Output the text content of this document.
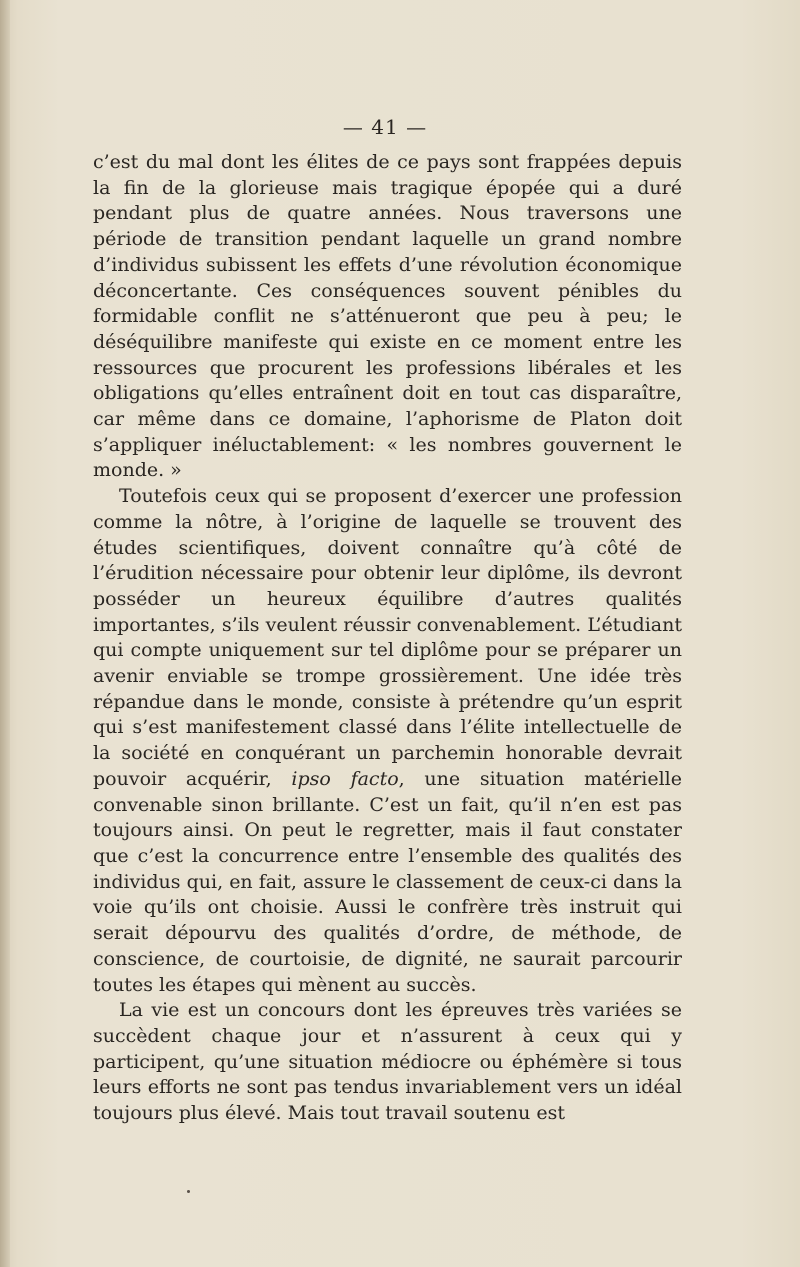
— 41 —

c’est du mal dont les élites de ce pays sont frappées depuis la fin de la glorieuse mais tragique épopée qui a duré pendant plus de quatre années. Nous traversons une période de transition pendant laquelle un grand nombre d’individus subissent les effets d’une révolution économique déconcertante. Ces conséquences souvent pénibles du formidable conflit ne s’atténueront que peu à peu; le déséquilibre manifeste qui existe en ce moment entre les ressources que procurent les professions libérales et les obligations qu’elles entraînent doit en tout cas disparaître, car même dans ce domaine, l’aphorisme de Platon doit s’appliquer inéluctablement: « les nombres gouvernent le monde. »

Toutefois ceux qui se proposent d’exercer une profession comme la nôtre, à l’origine de laquelle se trouvent des études scientifiques, doivent connaître qu’à côté de l’érudition nécessaire pour obtenir leur diplôme, ils devront posséder un heureux équilibre d’autres qualités importantes, s’ils veulent réussir convenablement. L’étudiant qui compte uniquement sur tel diplôme pour se préparer un avenir enviable se trompe grossièrement. Une idée très répandue dans le monde, consiste à prétendre qu’un esprit qui s’est manifestement classé dans l’élite intellectuelle de la société en conquérant un parchemin honorable devrait pouvoir acquérir, ipso facto, une situation matérielle convenable sinon brillante. C’est un fait, qu’il n’en est pas toujours ainsi. On peut le regretter, mais il faut constater que c’est la concurrence entre l’ensemble des qualités des individus qui, en fait, assure le classement de ceux-ci dans la voie qu’ils ont choisie. Aussi le confrère très instruit qui serait dépourvu des qualités d’ordre, de méthode, de conscience, de courtoisie, de dignité, ne saurait parcourir toutes les étapes qui mènent au succès.

La vie est un concours dont les épreuves très variées se succèdent chaque jour et n’assurent à ceux qui y participent, qu’une situation médiocre ou éphémère si tous leurs efforts ne sont pas tendus invariablement vers un idéal toujours plus élevé. Mais tout travail soutenu est
